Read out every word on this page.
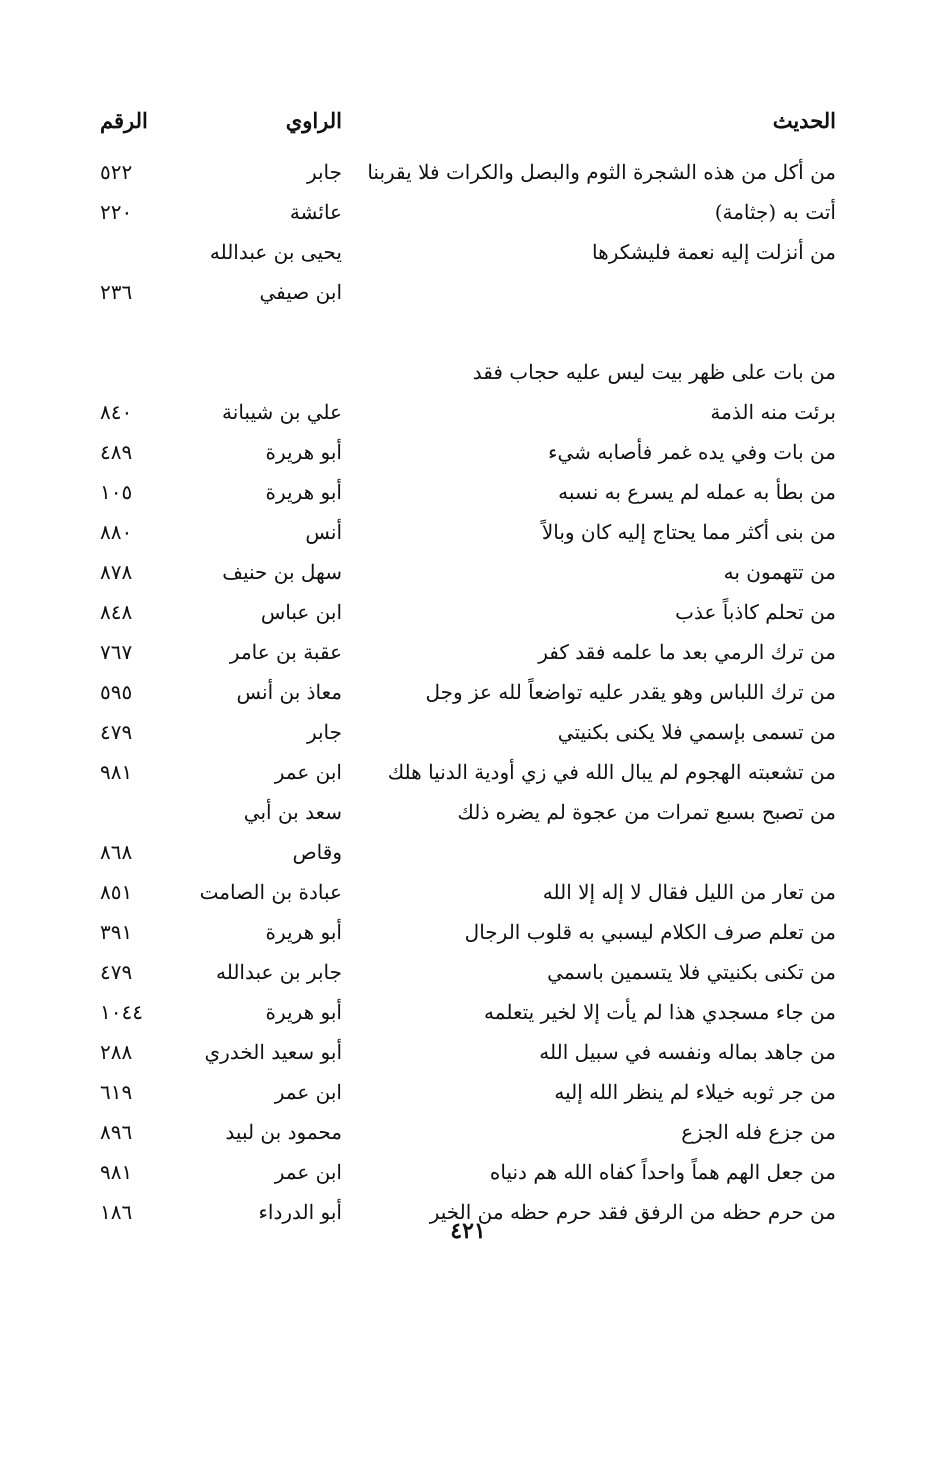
الحديث
الراوي
الرقم
من أكل من هذه الشجرة الثوم والبصل والكرات فلا يقربنا
جابر
٥٢٢
أتت به (جثامة)
عائشة
٢٢٠
من أنزلت إليه نعمة فليشكرها
يحيى بن عبدالله
ابن صيفي
٢٣٦
من بات على ظهر بيت ليس عليه حجاب فقد
برئت منه الذمة
علي بن شيبانة
٨٤٠
من بات وفي يده غمر فأصابه شيء
أبو هريرة
٤٨٩
من بطأ به عمله لم يسرع به نسبه
أبو هريرة
١٠٥
من بنى أكثر مما يحتاج إليه كان وبالاً
أنس
٨٨٠
من تتهمون به
سهل بن حنيف
٨٧٨
من تحلم كاذباً عذب
ابن عباس
٨٤٨
من ترك الرمي بعد ما علمه فقد كفر
عقبة بن عامر
٧٦٧
من ترك اللباس وهو يقدر عليه تواضعاً لله عز وجل
معاذ بن أنس
٥٩٥
من تسمى بإسمي فلا يكنى بكنيتي
جابر
٤٧٩
من تشعبته الهجوم لم يبال الله في زي أودية الدنيا هلك
ابن عمر
٩٨١
من تصبح بسبع تمرات من عجوة لم يضره ذلك
سعد بن أبي
وقاص
٨٦٨
من تعار من الليل فقال لا إله إلا الله
عبادة بن الصامت
٨٥١
من تعلم صرف الكلام ليسبي به قلوب الرجال
أبو هريرة
٣٩١
من تكنى بكنيتي فلا يتسمين باسمي
جابر بن عبدالله
٤٧٩
من جاء مسجدي هذا لم يأت إلا لخير يتعلمه
أبو هريرة
١٠٤٤
من جاهد بماله ونفسه في سبيل الله
أبو سعيد الخدري
٢٨٨
من جر ثوبه خيلاء لم ينظر الله إليه
ابن عمر
٦١٩
من جزع فله الجزع
محمود بن لبيد
٨٩٦
من جعل الهم هماً واحداً كفاه الله هم دنياه
ابن عمر
٩٨١
من حرم حظه من الرفق فقد حرم حظه من الخير
أبو الدرداء
١٨٦
٤٢١
